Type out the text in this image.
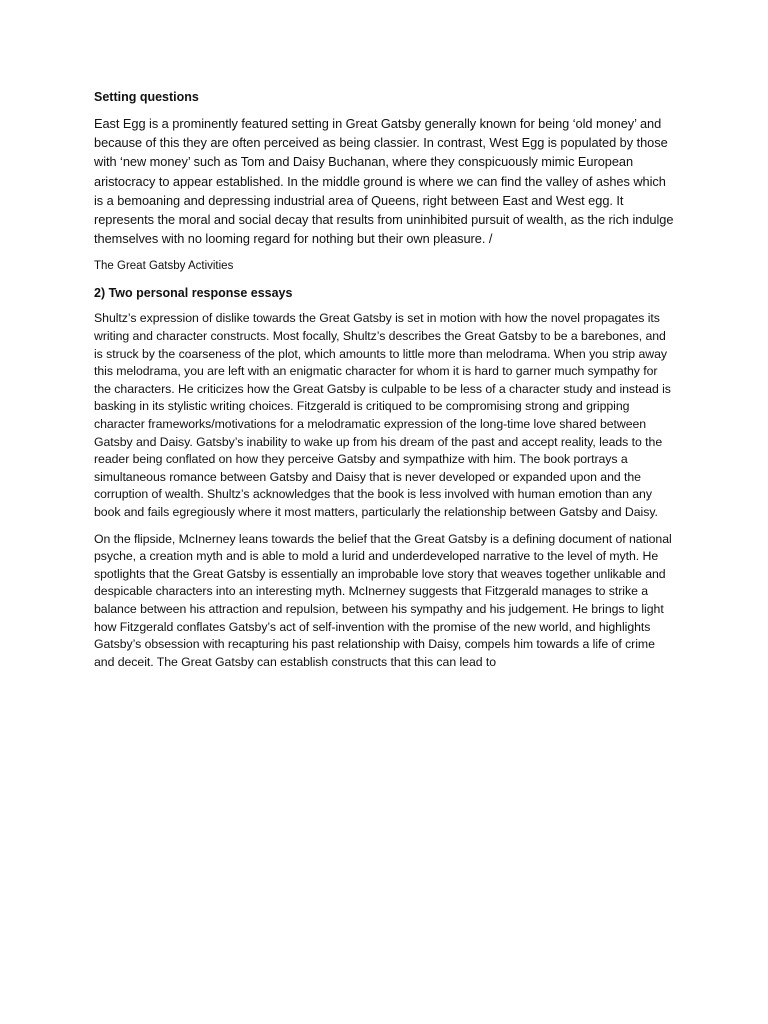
Setting questions

East Egg is a prominently featured setting in Great Gatsby generally known for being ‘old money’ and because of this they are often perceived as being classier. In contrast, West Egg is populated by those with ‘new money’ such as Tom and Daisy Buchanan, where they conspicuously mimic European aristocracy to appear established. In the middle ground is where we can find the valley of ashes which is a bemoaning and depressing industrial area of Queens, right between East and West egg. It represents the moral and social decay that results from uninhibited pursuit of wealth, as the rich indulge themselves with no looming regard for nothing but their own pleasure. /

The Great Gatsby Activities
2) Two personal response essays

Shultz’s expression of dislike towards the Great Gatsby is set in motion with how the novel propagates its writing and character constructs. Most focally, Shultz’s describes the Great Gatsby to be a barebones, and is struck by the coarseness of the plot, which amounts to little more than melodrama. When you strip away this melodrama, you are left with an enigmatic character for whom it is hard to garner much sympathy for the characters. He criticizes how the Great Gatsby is culpable to be less of a character study and instead is basking in its stylistic writing choices. Fitzgerald is critiqued to be compromising strong and gripping character frameworks/motivations for a melodramatic expression of the long-time love shared between Gatsby and Daisy. Gatsby’s inability to wake up from his dream of the past and accept reality, leads to the reader being conflated on how they perceive Gatsby and sympathize with him. The book portrays a simultaneous romance between Gatsby and Daisy that is never developed or expanded upon and the corruption of wealth. Shultz’s acknowledges that the book is less involved with human emotion than any book and fails egregiously where it most matters, particularly the relationship between Gatsby and Daisy.

On the flipside, McInerney leans towards the belief that the Great Gatsby is a defining document of national psyche, a creation myth and is able to mold a lurid and underdeveloped narrative to the level of myth. He spotlights that the Great Gatsby is essentially an improbable love story that weaves together unlikable and despicable characters into an interesting myth. McInerney suggests that Fitzgerald manages to strike a balance between his attraction and repulsion, between his sympathy and his judgement. He brings to light how Fitzgerald conflates Gatsby’s act of self-invention with the promise of the new world, and highlights Gatsby’s obsession with recapturing his past relationship with Daisy, compels him towards a life of crime and deceit. The Great Gatsby can establish constructs that this can lead to
